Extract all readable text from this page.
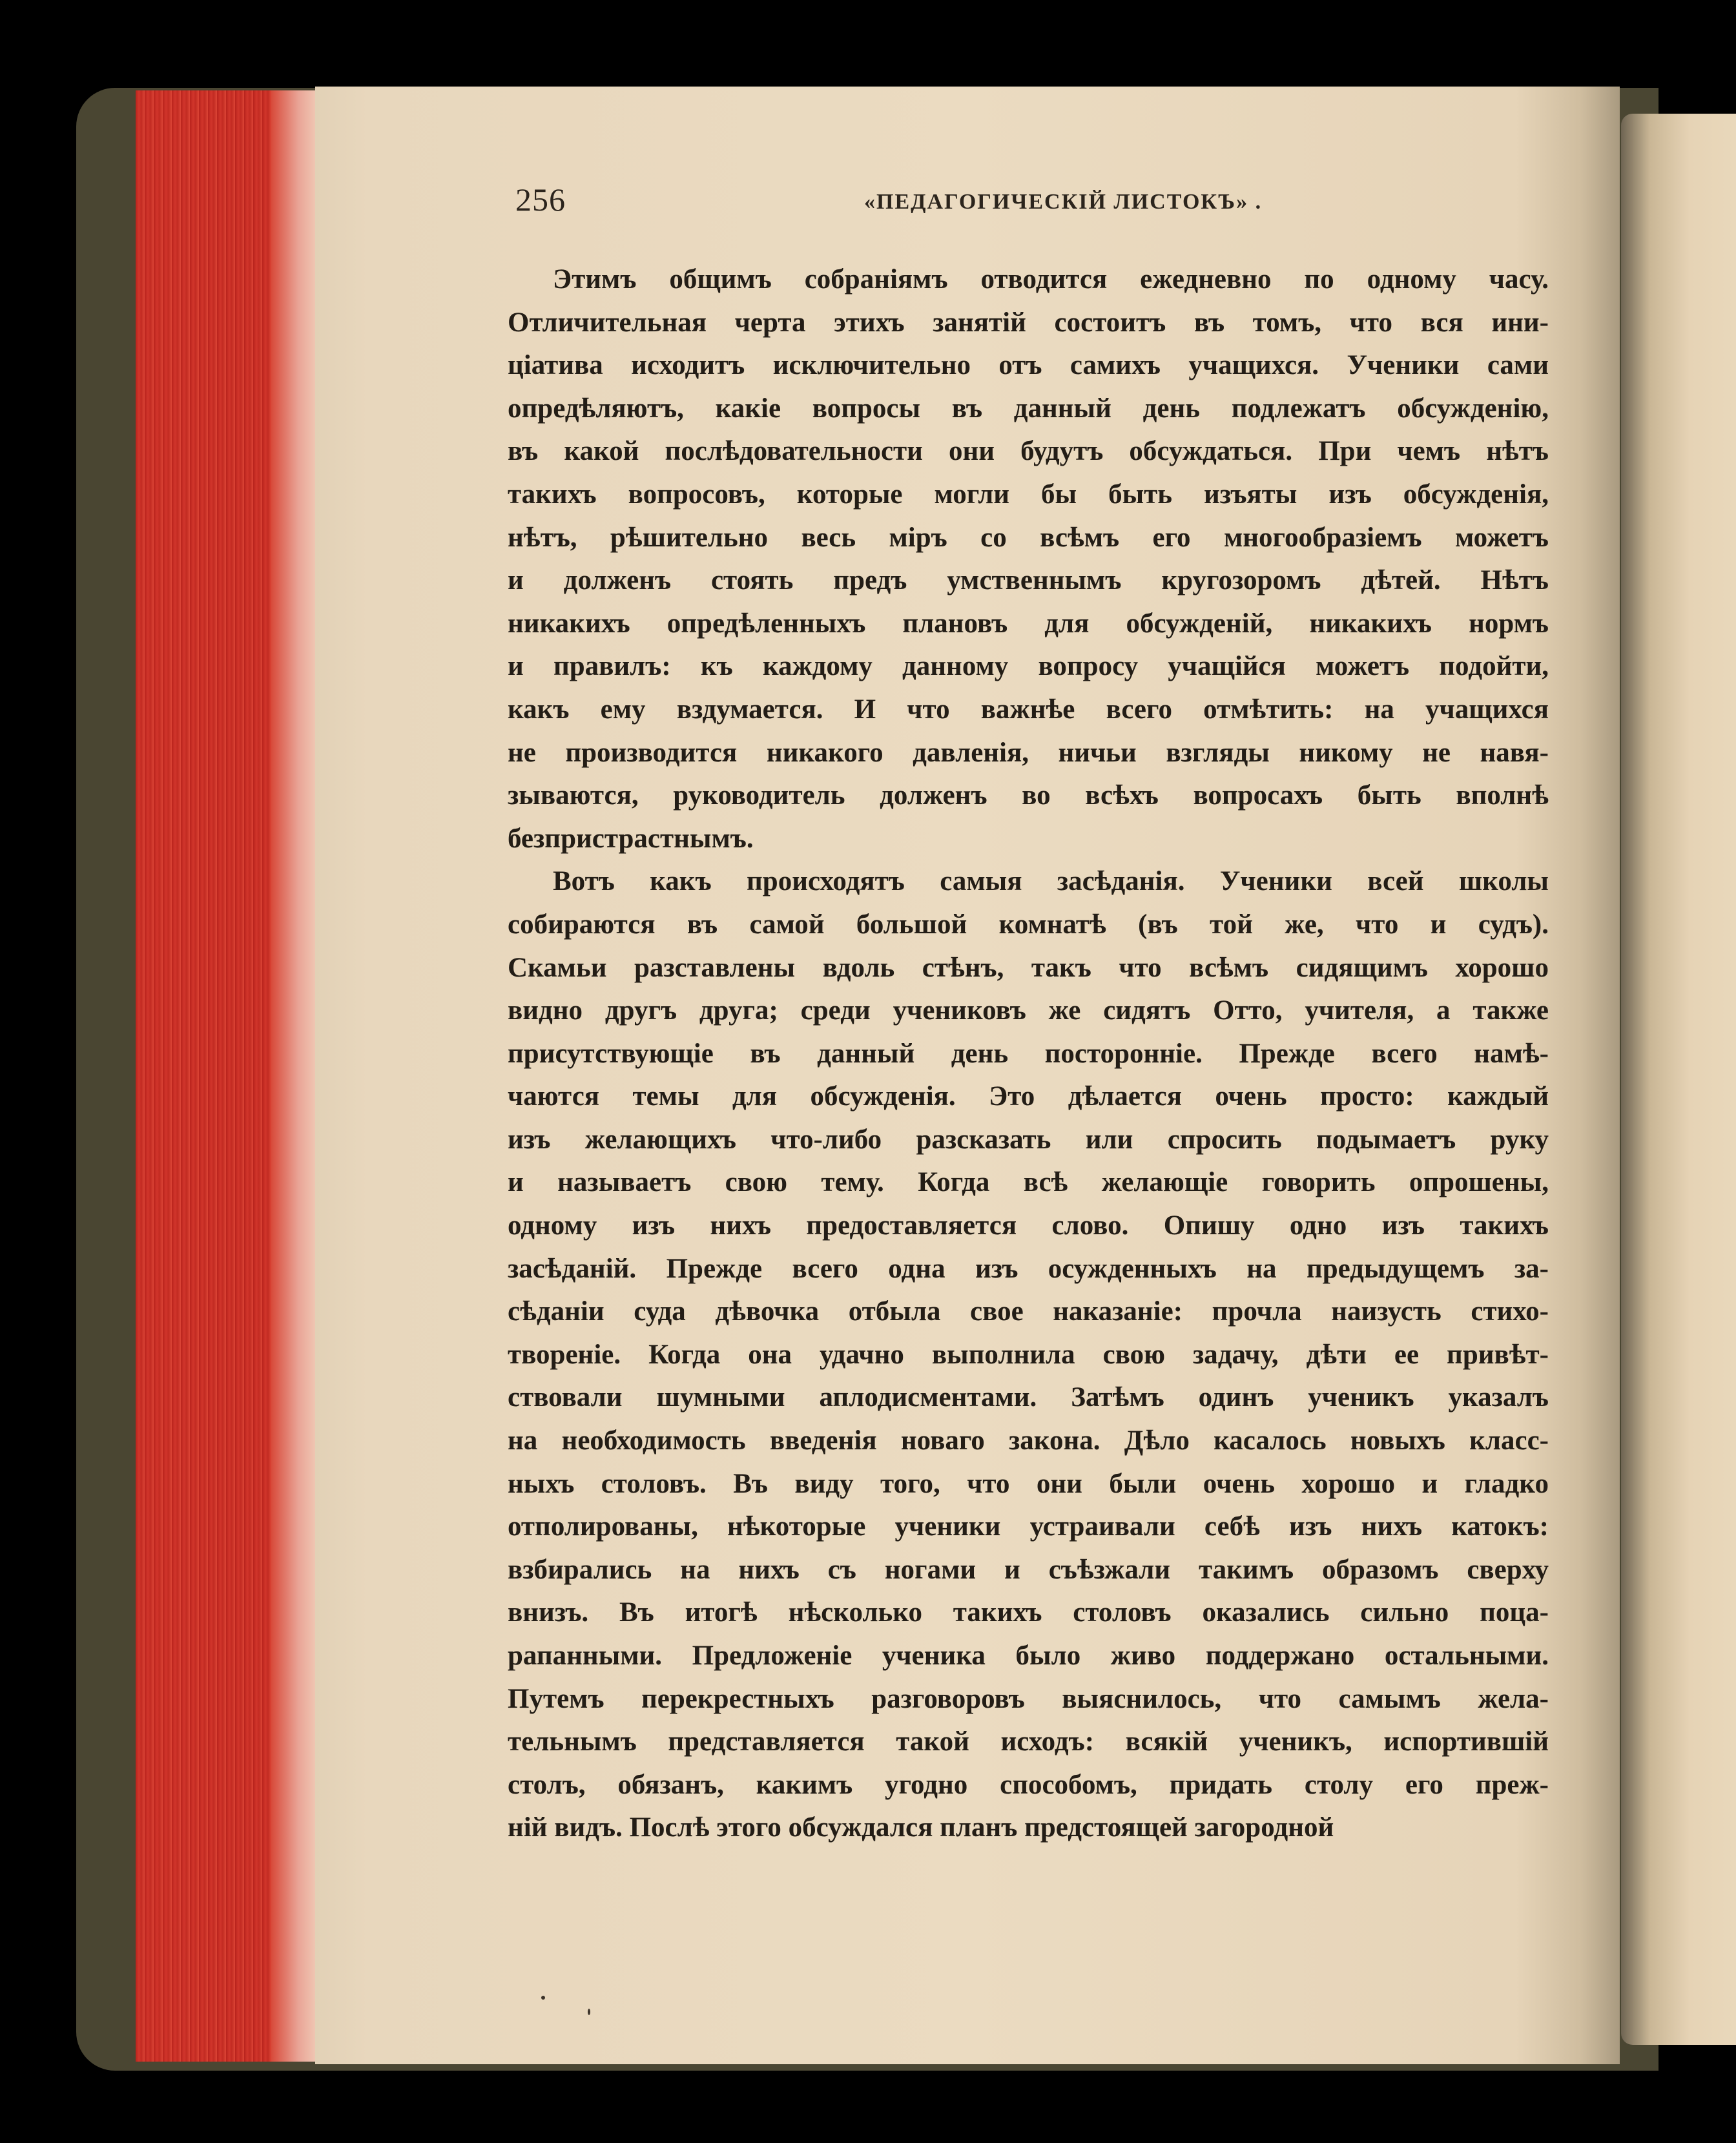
256	«ПЕДАГОГИЧЕСКІЙ ЛИСТОКЪ» .
Этимъ общимъ собраніямъ отводится ежедневно по одному часу.
Отличительная черта этихъ занятій состоитъ въ томъ, что вся ини-
ціатива исходитъ исключительно отъ самихъ учащихся. Ученики сами
опредѣляютъ, какіе вопросы въ данный день подлежатъ обсужденію,
въ какой послѣдовательности они будутъ обсуждаться. При чемъ нѣтъ
такихъ вопросовъ, которые могли бы быть изъяты изъ обсужденія,
нѣтъ, рѣшительно весь міръ со всѣмъ его многообразіемъ можетъ
и долженъ стоять предъ умственнымъ кругозоромъ дѣтей. Нѣтъ
никакихъ опредѣленныхъ плановъ для обсужденій, никакихъ нормъ
и правилъ: къ каждому данному вопросу учащійся можетъ подойти,
какъ ему вздумается. И что важнѣе всего отмѣтить: на учащихся
не производится никакого давленія, ничьи взгляды никому не навя-
зываются, руководитель долженъ во всѣхъ вопросахъ быть вполнѣ
безпристрастнымъ.
Вотъ какъ происходятъ самыя засѣданія. Ученики всей школы
собираются въ самой большой комнатѣ (въ той же, что и судъ).
Скамьи разставлены вдоль стѣнъ, такъ что всѣмъ сидящимъ хорошо
видно другъ друга; среди учениковъ же сидятъ Отто, учителя, а также
присутствующіе въ данный день посторонніе. Прежде всего намѣ-
чаются темы для обсужденія. Это дѣлается очень просто: каждый
изъ желающихъ что-либо разсказать или спросить подымаетъ руку
и называетъ свою тему. Когда всѣ желающіе говорить опрошены,
одному изъ нихъ предоставляется слово. Опишу одно изъ такихъ
засѣданій. Прежде всего одна изъ осужденныхъ на предыдущемъ за-
сѣданіи суда дѣвочка отбыла свое наказаніе: прочла наизусть стихо-
твореніе. Когда она удачно выполнила свою задачу, дѣти ее привѣт-
ствовали шумными аплодисментами. Затѣмъ одинъ ученикъ указалъ
на необходимость введенія новаго закона. Дѣло касалось новыхъ класс-
ныхъ столовъ. Въ виду того, что они были очень хорошо и гладко
отполированы, нѣкоторые ученики устраивали себѣ изъ нихъ катокъ:
взбирались на нихъ съ ногами и съѣзжали такимъ образомъ сверху
внизъ. Въ итогѣ нѣсколько такихъ столовъ оказались сильно поца-
рапанными. Предложеніе ученика было живо поддержано остальными.
Путемъ перекрестныхъ разговоровъ выяснилось, что самымъ жела-
тельнымъ представляется такой исходъ: всякій ученикъ, испортившій
столъ, обязанъ, какимъ угодно способомъ, придать столу его преж-
ній видъ. Послѣ этого обсуждался планъ предстоящей загородной
